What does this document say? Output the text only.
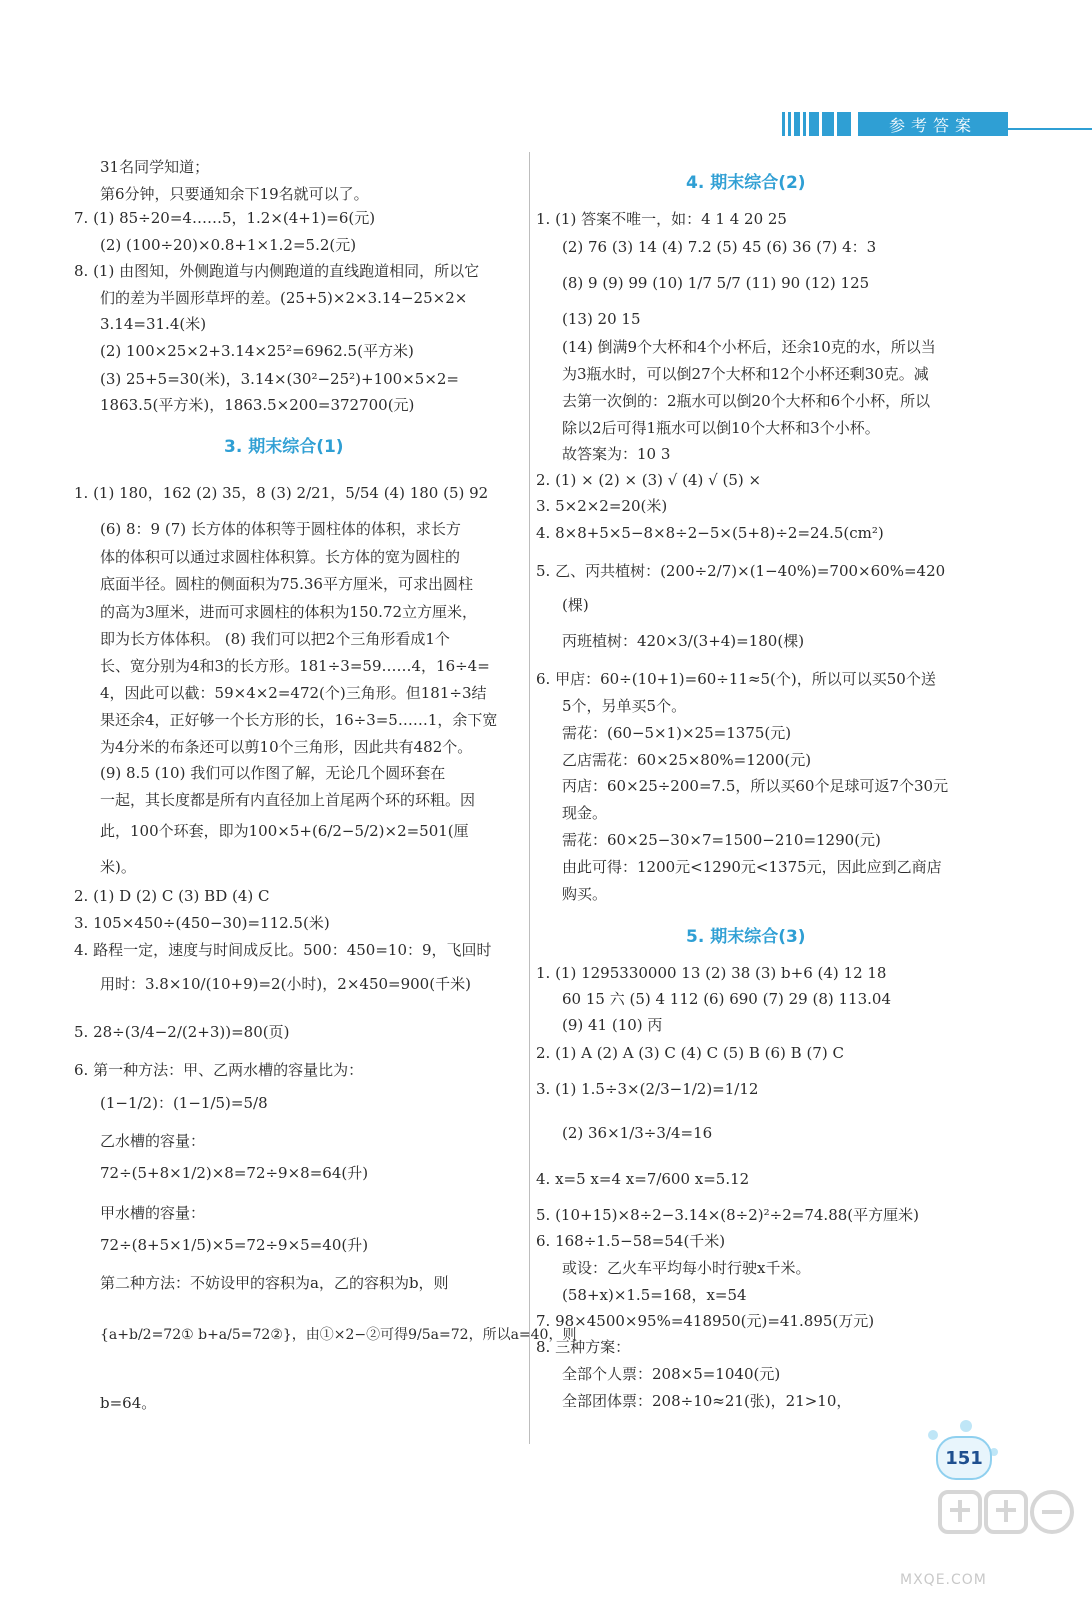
参考答案
31名同学知道；
第6分钟，只要通知余下19名就可以了。
7. (1) 85÷20=4……5，1.2×(4+1)=6(元)
(2) (100÷20)×0.8+1×1.2=5.2(元)
8. (1) 由图知，外侧跑道与内侧跑道的直线跑道相同，所以它
们的差为半圆形草坪的差。(25+5)×2×3.14−25×2×
3.14=31.4(米)
(2) 100×25×2+3.14×25²=6962.5(平方米)
(3) 25+5=30(米)，3.14×(30²−25²)+100×5×2=
1863.5(平方米)，1863.5×200=372700(元)
3. 期末综合(1)
1. (1) 180，162 (2) 35，8 (3) 2/21，5/54 (4) 180 (5) 92
(6) 8：9 (7) 长方体的体积等于圆柱体的体积，求长方
体的体积可以通过求圆柱体积算。长方体的宽为圆柱的
底面半径。圆柱的侧面积为75.36平方厘米，可求出圆柱
的高为3厘米，进而可求圆柱的体积为150.72立方厘米，
即为长方体体积。 (8) 我们可以把2个三角形看成1个
长、宽分别为4和3的长方形。181÷3=59……4，16÷4=
4，因此可以截：59×4×2=472(个)三角形。但181÷3结
果还余4，正好够一个长方形的长，16÷3=5……1，余下宽
为4分米的布条还可以剪10个三角形，因此共有482个。
(9) 8.5 (10) 我们可以作图了解，无论几个圆环套在
一起，其长度都是所有内直径加上首尾两个环的环粗。因
此，100个环套，即为100×5+(6/2−5/2)×2=501(厘
米)。
2. (1) D (2) C (3) BD (4) C
3. 105×450÷(450−30)=112.5(米)
4. 路程一定，速度与时间成反比。500：450=10：9，飞回时
用时：3.8×10/(10+9)=2(小时)，2×450=900(千米)
5. 28÷(3/4−2/(2+3))=80(页)
6. 第一种方法：甲、乙两水槽的容量比为：
(1−1/2)：(1−1/5)=5/8
乙水槽的容量：
72÷(5+8×1/2)×8=72÷9×8=64(升)
甲水槽的容量：
72÷(8+5×1/5)×5=72÷9×5=40(升)
第二种方法：不妨设甲的容积为a，乙的容积为b，则
{a+b/2=72① b+a/5=72②}，由①×2−②可得9/5a=72，所以a=40，则
b=64。
4. 期末综合(2)
1. (1) 答案不唯一，如：4 1 4 20 25
(2) 76 (3) 14 (4) 7.2 (5) 45 (6) 36 (7) 4：3
(8) 9 (9) 99 (10) 1/7 5/7 (11) 90 (12) 125
(13) 20 15
(14) 倒满9个大杯和4个小杯后，还余10克的水，所以当
为3瓶水时，可以倒27个大杯和12个小杯还剩30克。减
去第一次倒的：2瓶水可以倒20个大杯和6个小杯，所以
除以2后可得1瓶水可以倒10个大杯和3个小杯。
故答案为：10 3
2. (1) × (2) × (3) √ (4) √ (5) ×
3. 5×2×2=20(米)
4. 8×8+5×5−8×8÷2−5×(5+8)÷2=24.5(cm²)
5. 乙、丙共植树：(200÷2/7)×(1−40%)=700×60%=420
(棵)
丙班植树：420×3/(3+4)=180(棵)
6. 甲店：60÷(10+1)=60÷11≈5(个)，所以可以买50个送
5个，另单买5个。
需花：(60−5×1)×25=1375(元)
乙店需花：60×25×80%=1200(元)
丙店：60×25÷200=7.5，所以买60个足球可返7个30元
现金。
需花：60×25−30×7=1500−210=1290(元)
由此可得：1200元<1290元<1375元，因此应到乙商店
购买。
5. 期末综合(3)
1. (1) 1295330000 13 (2) 38 (3) b+6 (4) 12 18
60 15 六 (5) 4 112 (6) 690 (7) 29 (8) 113.04
(9) 41 (10) 丙
2. (1) A (2) A (3) C (4) C (5) B (6) B (7) C
3. (1) 1.5÷3×(2/3−1/2)=1/12
(2) 36×1/3÷3/4=16
4. x=5 x=4 x=7/600 x=5.12
5. (10+15)×8÷2−3.14×(8÷2)²÷2=74.88(平方厘米)
6. 168÷1.5−58=54(千米)
或设：乙火车平均每小时行驶x千米。
(58+x)×1.5=168，x=54
7. 98×4500×95%=418950(元)=41.895(万元)
8. 三种方案：
全部个人票：208×5=1040(元)
全部团体票：208÷10≈21(张)，21>10，
151
MXQE.COM
